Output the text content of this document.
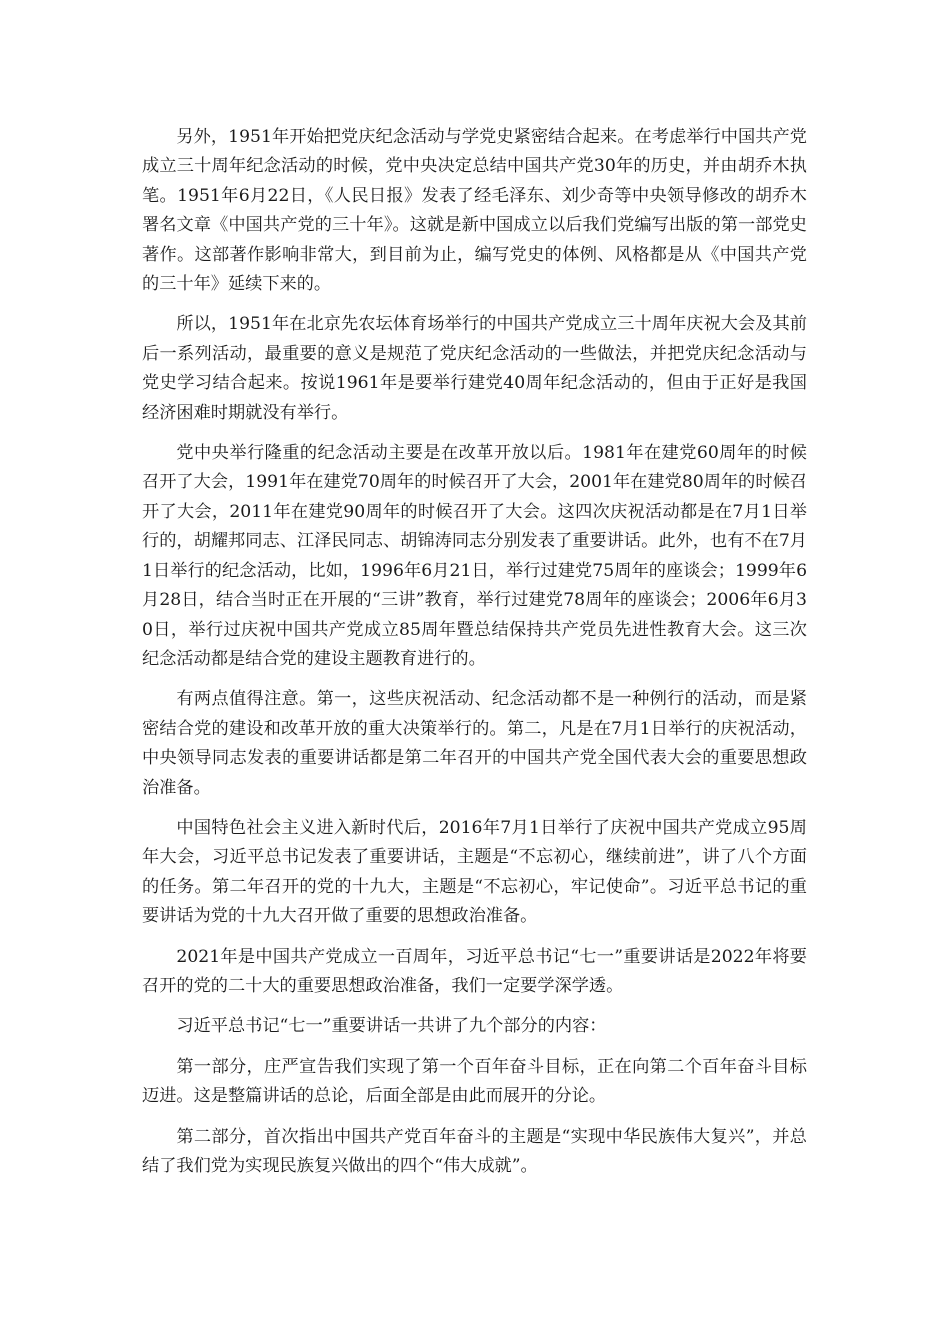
另外，1951年开始把党庆纪念活动与学党史紧密结合起来。在考虑举行中国共产党成立三十周年纪念活动的时候，党中央决定总结中国共产党30年的历史，并由胡乔木执笔。1951年6月22日，《人民日报》发表了经毛泽东、刘少奇等中央领导修改的胡乔木署名文章《中国共产党的三十年》。这就是新中国成立以后我们党编写出版的第一部党史著作。这部著作影响非常大，到目前为止，编写党史的体例、风格都是从《中国共产党的三十年》延续下来的。

所以，1951年在北京先农坛体育场举行的中国共产党成立三十周年庆祝大会及其前后一系列活动，最重要的意义是规范了党庆纪念活动的一些做法，并把党庆纪念活动与党史学习结合起来。按说1961年是要举行建党40周年纪念活动的，但由于正好是我国经济困难时期就没有举行。

党中央举行隆重的纪念活动主要是在改革开放以后。1981年在建党60周年的时候召开了大会，1991年在建党70周年的时候召开了大会，2001年在建党80周年的时候召开了大会，2011年在建党90周年的时候召开了大会。这四次庆祝活动都是在7月1日举行的，胡耀邦同志、江泽民同志、胡锦涛同志分别发表了重要讲话。此外，也有不在7月1日举行的纪念活动，比如，1996年6月21日，举行过建党75周年的座谈会；1999年6月28日，结合当时正在开展的“三讲”教育，举行过建党78周年的座谈会；2006年6月30日，举行过庆祝中国共产党成立85周年暨总结保持共产党员先进性教育大会。这三次纪念活动都是结合党的建设主题教育进行的。

有两点值得注意。第一，这些庆祝活动、纪念活动都不是一种例行的活动，而是紧密结合党的建设和改革开放的重大决策举行的。第二，凡是在7月1日举行的庆祝活动，中央领导同志发表的重要讲话都是第二年召开的中国共产党全国代表大会的重要思想政治准备。

中国特色社会主义进入新时代后，2016年7月1日举行了庆祝中国共产党成立95周年大会，习近平总书记发表了重要讲话，主题是“不忘初心，继续前进”，讲了八个方面的任务。第二年召开的党的十九大，主题是“不忘初心，牢记使命”。习近平总书记的重要讲话为党的十九大召开做了重要的思想政治准备。

2021年是中国共产党成立一百周年，习近平总书记“七一”重要讲话是2022年将要召开的党的二十大的重要思想政治准备，我们一定要学深学透。

习近平总书记“七一”重要讲话一共讲了九个部分的内容：

第一部分，庄严宣告我们实现了第一个百年奋斗目标，正在向第二个百年奋斗目标迈进。这是整篇讲话的总论，后面全部是由此而展开的分论。

第二部分，首次指出中国共产党百年奋斗的主题是“实现中华民族伟大复兴”，并总结了我们党为实现民族复兴做出的四个“伟大成就”。
